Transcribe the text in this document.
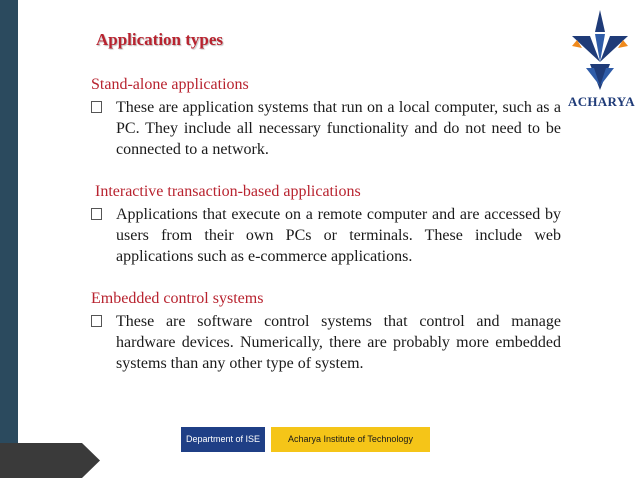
Application types
Stand-alone applications
These are application systems that run on a local computer, such as a PC. They include all necessary functionality and do not need to be connected to a network.
Interactive transaction-based applications
Applications that execute on a remote computer and are accessed by users from their own PCs or terminals. These include web applications such as e-commerce applications.
Embedded control systems
These are software control systems that control and manage hardware devices. Numerically, there are probably more embedded systems than any other type of system.
ACHARYA
Department of ISE	Acharya Institute of Technology
